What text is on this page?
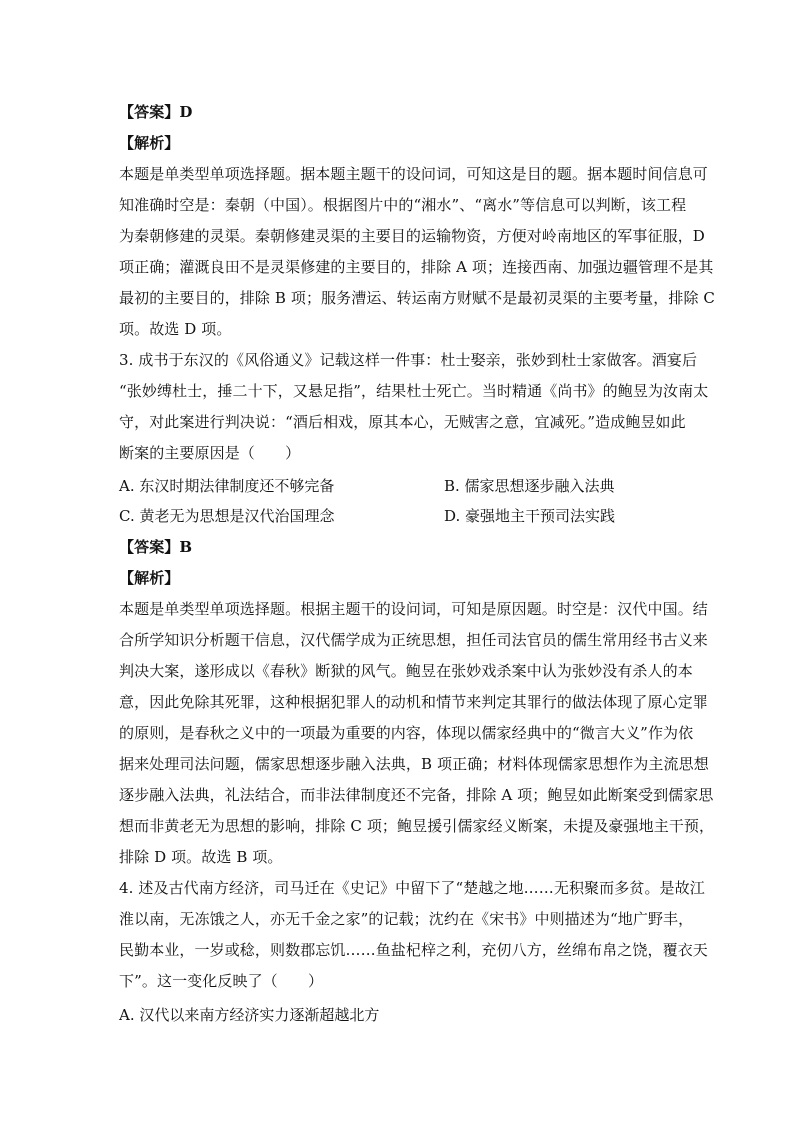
【答案】D
【解析】
本题是单类型单项选择题。据本题主题干的设问词，可知这是目的题。据本题时间信息可
知准确时空是：秦朝（中国）。根据图片中的“湘水”、“离水”等信息可以判断，该工程
为秦朝修建的灵渠。秦朝修建灵渠的主要目的运输物资，方便对岭南地区的军事征服，D
项正确；灌溉良田不是灵渠修建的主要目的，排除 A 项；连接西南、加强边疆管理不是其
最初的主要目的，排除 B 项；服务漕运、转运南方财赋不是最初灵渠的主要考量，排除 C
项。故选 D 项。
3. 成书于东汉的《风俗通义》记载这样一件事：杜士娶亲，张妙到杜士家做客。酒宴后
“张妙缚杜士，捶二十下，又悬足指”，结果杜士死亡。当时精通《尚书》的鲍昱为汝南太
守，对此案进行判决说：“酒后相戏，原其本心，无贼害之意，宜减死。”造成鲍昱如此
断案的主要原因是（　　）
A. 东汉时期法律制度还不够完备	B. 儒家思想逐步融入法典
C. 黄老无为思想是汉代治国理念	D. 豪强地主干预司法实践
【答案】B
【解析】
本题是单类型单项选择题。根据主题干的设问词，可知是原因题。时空是：汉代中国。结
合所学知识分析题干信息，汉代儒学成为正统思想，担任司法官员的儒生常用经书古义来
判决大案，遂形成以《春秋》断狱的风气。鲍昱在张妙戏杀案中认为张妙没有杀人的本
意，因此免除其死罪，这种根据犯罪人的动机和情节来判定其罪行的做法体现了原心定罪
的原则，是春秋之义中的一项最为重要的内容，体现以儒家经典中的“微言大义”作为依
据来处理司法问题，儒家思想逐步融入法典，B 项正确；材料体现儒家思想作为主流思想
逐步融入法典，礼法结合，而非法律制度还不完备，排除 A 项；鲍昱如此断案受到儒家思
想而非黄老无为思想的影响，排除 C 项；鲍昱援引儒家经义断案，未提及豪强地主干预，
排除 D 项。故选 B 项。
4. 述及古代南方经济，司马迁在《史记》中留下了“楚越之地……无积聚而多贫。是故江
淮以南，无冻饿之人，亦无千金之家”的记载；沈约在《宋书》中则描述为“地广野丰，
民勤本业，一岁或稔，则数郡忘饥……鱼盐杞梓之利，充仞八方，丝绵布帛之饶，覆衣天
下”。这一变化反映了（　　）
A. 汉代以来南方经济实力逐渐超越北方
